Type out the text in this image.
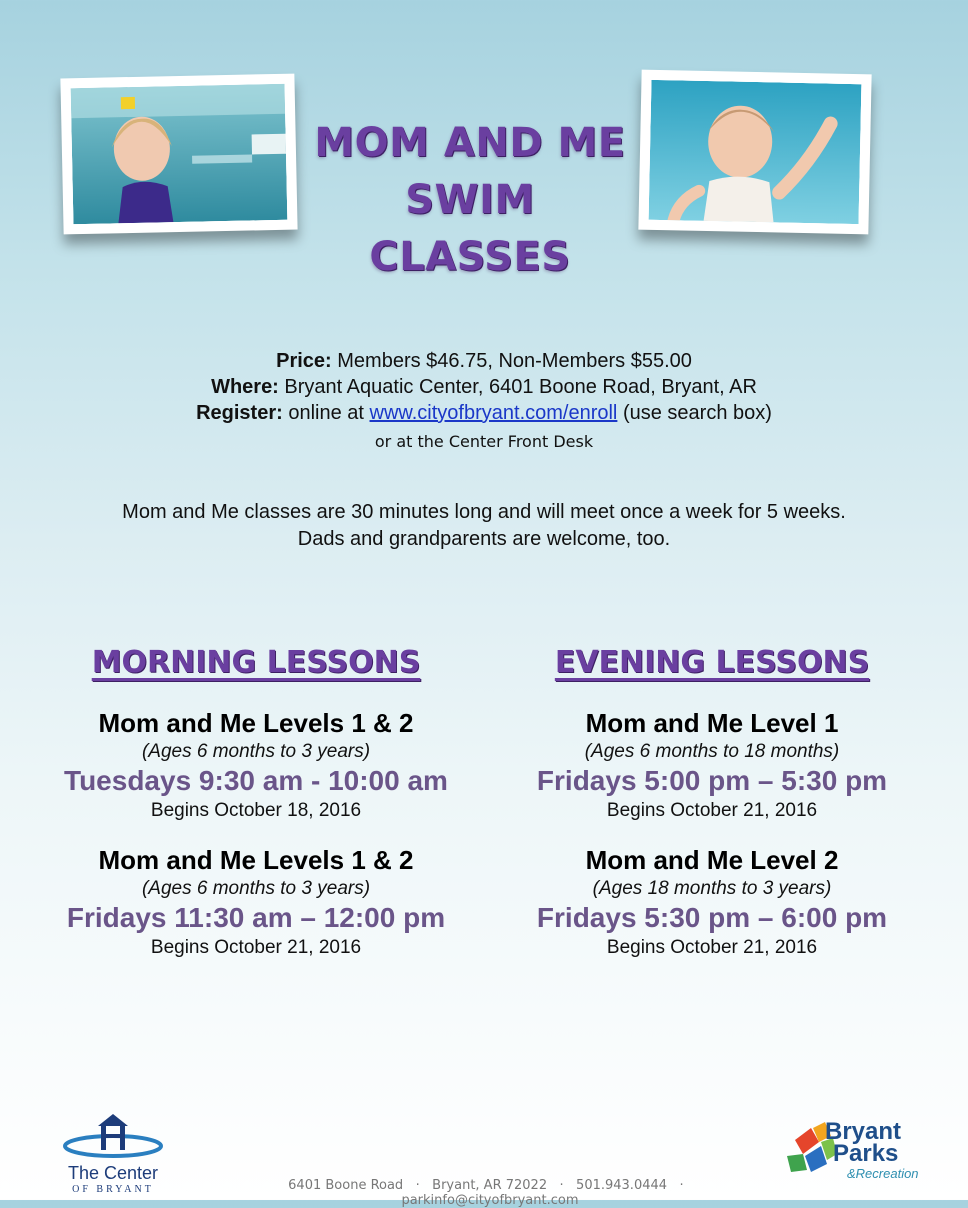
MOM AND ME
SWIM
CLASSES
Price: Members $46.75, Non-Members $55.00
Where: Bryant Aquatic Center, 6401 Boone Road, Bryant, AR
Register: online at www.cityofbryant.com/enroll (use search box)
or at the Center Front Desk
Mom and Me classes are 30 minutes long and will meet once a week for 5 weeks.
Dads and grandparents are welcome, too.
MORNING LESSONS
Mom and Me Levels 1 & 2
(Ages 6 months to 3 years)
Tuesdays 9:30 am - 10:00 am
Begins October 18, 2016
Mom and Me Levels 1 & 2
(Ages 6 months to 3 years)
Fridays 11:30 am – 12:00 pm
Begins October 21, 2016
EVENING LESSONS
Mom and Me Level 1
(Ages 6 months to 18 months)
Fridays 5:00 pm – 5:30 pm
Begins October 21, 2016
Mom and Me Level 2
(Ages 18 months to 3 years)
Fridays 5:30 pm – 6:00 pm
Begins October 21, 2016
The Center
OF BRYANT	6401 Boone Road · Bryant, AR 72022 · 501.943.0444 ·   parkinfo@cityofbryant.com
Bryant
Parks
&Recreation
